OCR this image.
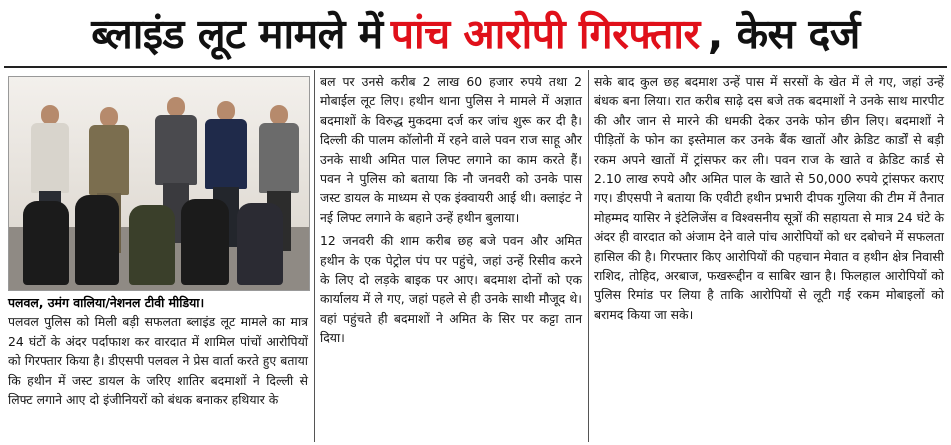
ब्लाइंड लूट मामले में पांच आरोपी गिरफ्तार , केस दर्ज

पलवल, उमंग वालिया/नेशनल टीवी मीडिया।

पलवल पुलिस को मिली बड़ी सफलता ब्लाइंड लूट मामले का मात्र 24 घंटों के अंदर पर्दाफाश कर वारदात में शामिल पांचों आरोपियों को गिरफ्तार किया है। डीएसपी पलवल ने प्रेस वार्ता करते हुए बताया कि हथीन में जस्ट डायल के जरिए शातिर बदमाशों ने दिल्ली से लिफ्ट लगाने आए दो इंजीनियरों को बंधक बनाकर हथियार के

बल पर उनसे करीब 2 लाख 60 हजार रुपये तथा 2 मोबाईल लूट लिए। हथीन थाना पुलिस ने मामले में अज्ञात बदमाशों के विरुद्ध मुकदमा दर्ज कर जांच शुरू कर दी है। दिल्ली की पालम कॉलोनी में रहने वाले पवन राज साहू और उनके साथी अमित पाल लिफ्ट लगाने का काम करते हैं। पवन ने पुलिस को बताया कि नौ जनवरी को उनके पास जस्ट डायल के माध्यम से एक इंक्वायरी आई थी। क्लाइंट ने नई लिफ्ट लगाने के बहाने उन्हें हथीन बुलाया।

12 जनवरी की शाम करीब छह बजे पवन और अमित हथीन के एक पेट्रोल पंप पर पहुंचे, जहां उन्हें रिसीव करने के लिए दो लड़के बाइक पर आए। बदमाश दोनों को एक कार्यालय में ले गए, जहां पहले से ही उनके साथी मौजूद थे। वहां पहुंचते ही बदमाशों ने अमित के सिर पर कट्टा तान दिया।

सके बाद कुल छह बदमाश उन्हें पास में सरसों के खेत में ले गए, जहां उन्हें बंधक बना लिया। रात करीब साढ़े दस बजे तक बदमाशों ने उनके साथ मारपीट की और जान से मारने की धमकी देकर उनके फोन छीन लिए। बदमाशों ने पीड़ितों के फोन का इस्तेमाल कर उनके बैंक खातों और क्रेडिट कार्डों से बड़ी रकम अपने खातों में ट्रांसफर कर ली। पवन राज के खाते व क्रेडिट कार्ड से 2.10 लाख रुपये और अमित पाल के खाते से 50,000 रुपये ट्रांसफर कराए गए। डीएसपी ने बताया कि एवीटी हथीन प्रभारी दीपक गुलिया की टीम में तैनात मोहम्मद यासिर ने इंटेलिजेंस व विश्वसनीय सूत्रों की सहायता से मात्र 24 घंटे के अंदर ही वारदात को अंजाम देने वाले पांच आरोपियों को धर दबोचने में सफलता हासिल की है। गिरफ्तार किए आरोपियों की पहचान मेवात व हथीन क्षेत्र निवासी राशिद, तोहिद, अरबाज, फखरूद्दीन व साबिर खान है। फिलहाल आरोपियों को पुलिस रिमांड पर लिया है ताकि आरोपियों से लूटी गई रकम मोबाइलों को बरामद किया जा सके।
